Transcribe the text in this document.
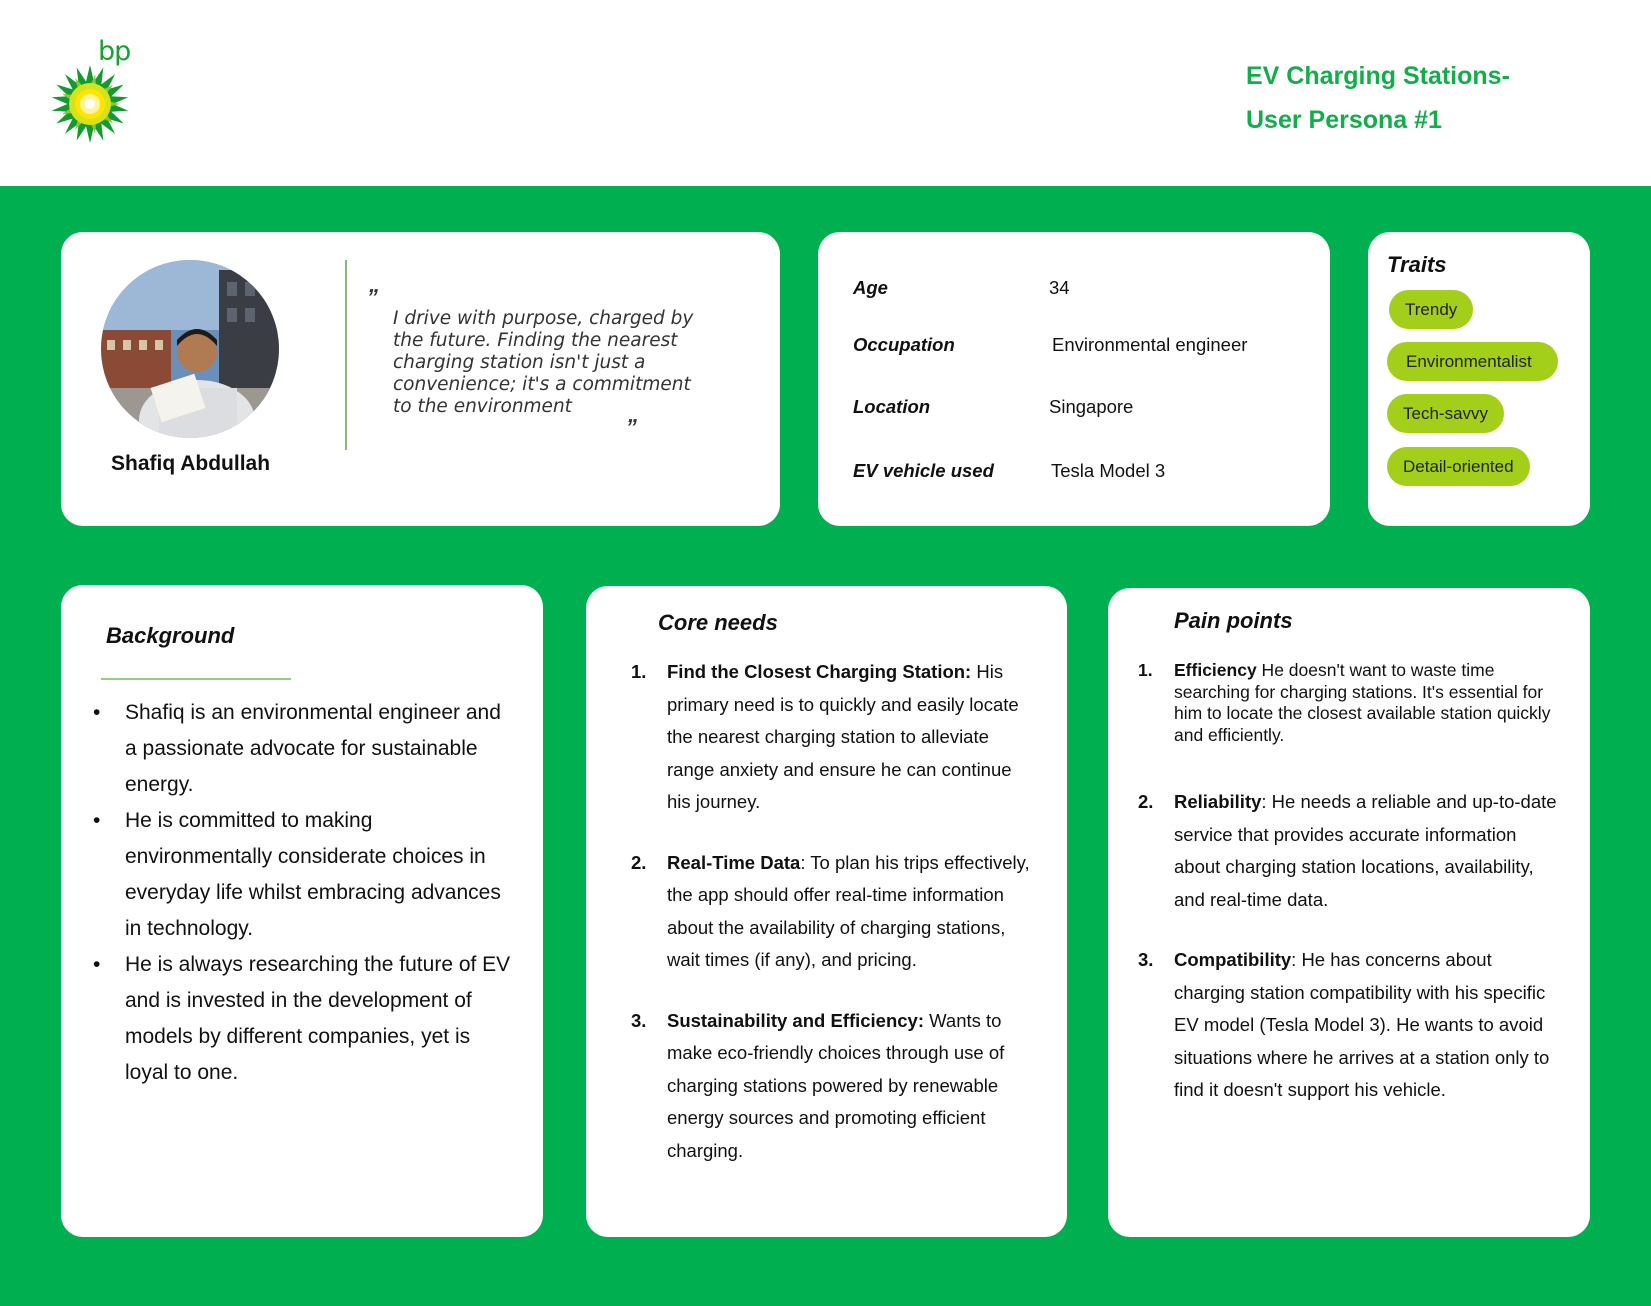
bp
EV Charging Stations-
User Persona #1
Shafiq Abdullah
„
I drive with purpose, charged by the future. Finding the nearest charging station isn't just a convenience; it's a commitment to the environment	„
Age	34
Occupation	Environmental engineer
Location	Singapore
EV vehicle used	Tesla Model 3
Traits
Trendy
Environmentalist
Tech-savvy
Detail-oriented
Background
• Shafiq is an environmental engineer and a passionate advocate for sustainable energy.
• He is committed to making environmentally considerate choices in everyday life whilst embracing advances in technology.
• He is always researching the future of EV and is invested in the development of models by different companies, yet is loyal to one.
Core needs
1. Find the Closest Charging Station: His primary need is to quickly and easily locate the nearest charging station to alleviate range anxiety and ensure he can continue his journey.
2. Real-Time Data: To plan his trips effectively, the app should offer real-time information about the availability of charging stations, wait times (if any), and pricing.
3. Sustainability and Efficiency: Wants to make eco-friendly choices through use of charging stations powered by renewable energy sources and promoting efficient charging.
Pain points
1. Efficiency He doesn't want to waste time searching for charging stations. It's essential for him to locate the closest available station quickly and efficiently.
2. Reliability: He needs a reliable and up-to-date service that provides accurate information about charging station locations, availability, and real-time data.
3. Compatibility: He has concerns about charging station compatibility with his specific EV model (Tesla Model 3). He wants to avoid situations where he arrives at a station only to find it doesn't support his vehicle.
